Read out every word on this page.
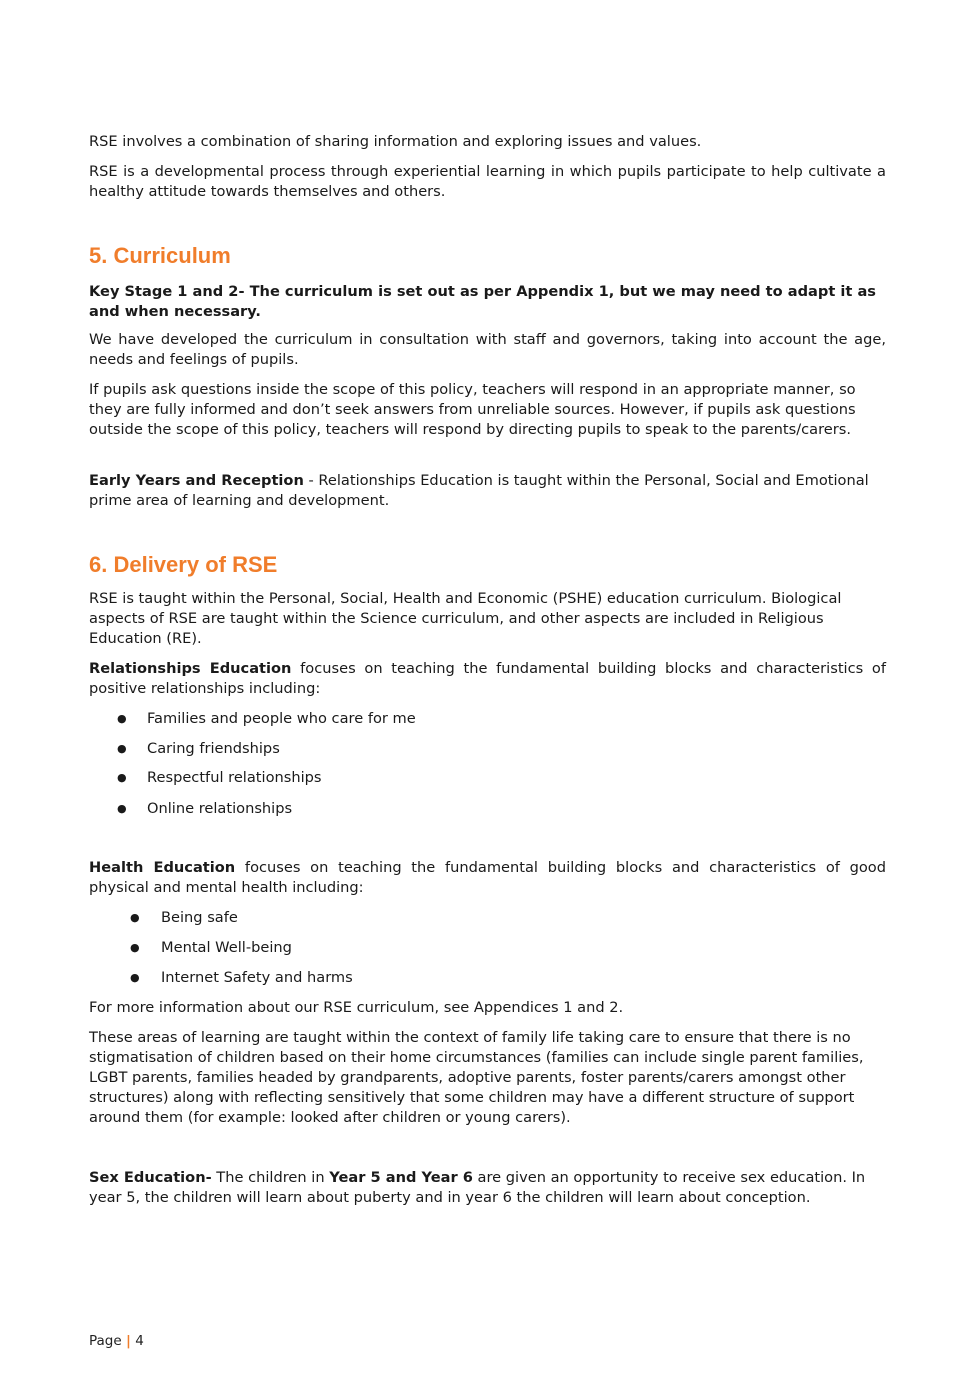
RSE involves a combination of sharing information and exploring issues and values.

RSE is a developmental process through experiential learning in which pupils participate to help cultivate a healthy attitude towards themselves and others.

5. Curriculum

Key Stage 1 and 2- The curriculum is set out as per Appendix 1, but we may need to adapt it as and when necessary.

We have developed the curriculum in consultation with staff and governors, taking into account the age, needs and feelings of pupils.

If pupils ask questions inside the scope of this policy, teachers will respond in an appropriate manner, so they are fully informed and don’t seek answers from unreliable sources. However, if pupils ask questions outside the scope of this policy, teachers will respond by directing pupils to speak to the parents/carers.

Early Years and Reception - Relationships Education is taught within the Personal, Social and Emotional prime area of learning and development.

6. Delivery of RSE

RSE is taught within the Personal, Social, Health and Economic (PSHE) education curriculum. Biological aspects of RSE are taught within the Science curriculum, and other aspects are included in Religious Education (RE).

Relationships Education focuses on teaching the fundamental building blocks and characteristics of positive relationships including:

● Families and people who care for me
● Caring friendships
● Respectful relationships
● Online relationships

Health Education focuses on teaching the fundamental building blocks and characteristics of good physical and mental health including:

● Being safe
● Mental Well-being
● Internet Safety and harms

For more information about our RSE curriculum, see Appendices 1 and 2.

These areas of learning are taught within the context of family life taking care to ensure that there is no stigmatisation of children based on their home circumstances (families can include single parent families, LGBT parents, families headed by grandparents, adoptive parents, foster parents/carers amongst other structures) along with reflecting sensitively that some children may have a different structure of support around them (for example: looked after children or young carers).

Sex Education- The children in Year 5 and Year 6 are given an opportunity to receive sex education. In year 5, the children will learn about puberty and in year 6 the children will learn about conception.

Page | 4
